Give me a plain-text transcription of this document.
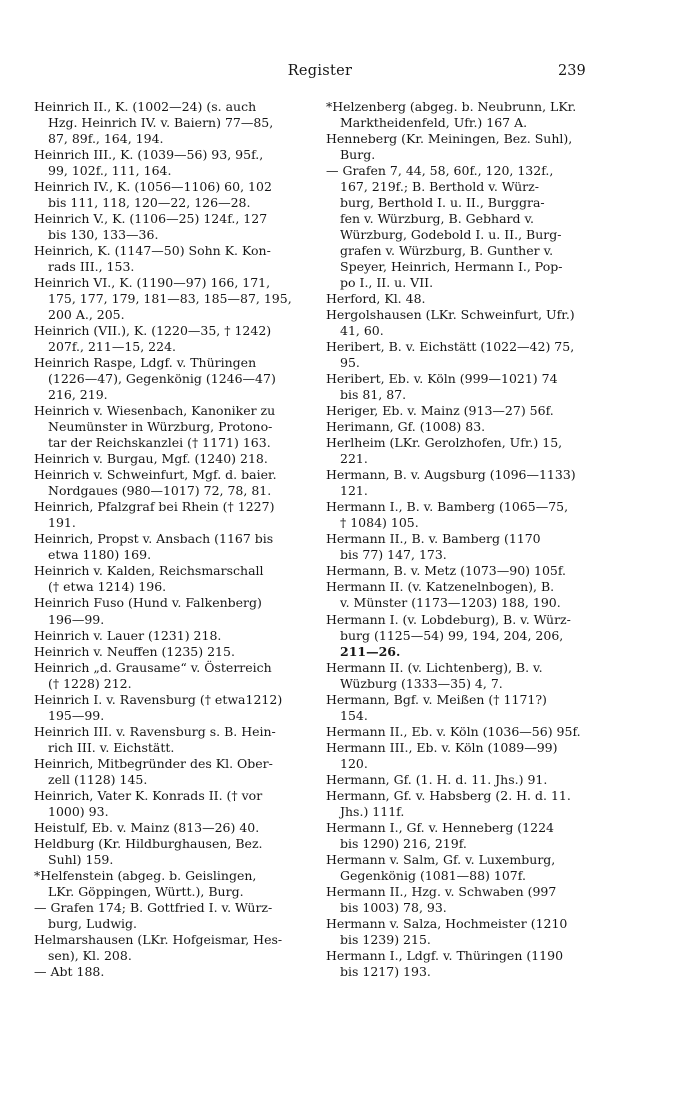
Register	239
Heinrich II., K. (1002—24) (s. auch
Hzg. Heinrich IV. v. Baiern) 77—85,
87, 89f., 164, 194.
Heinrich III., K. (1039—56) 93, 95f.,
99, 102f., 111, 164.
Heinrich IV., K. (1056—1106) 60, 102
bis 111, 118, 120—22, 126—28.
Heinrich V., K. (1106—25) 124f., 127
bis 130, 133—36.
Heinrich, K. (1147—50) Sohn K. Kon-
rads III., 153.
Heinrich VI., K. (1190—97) 166, 171,
175, 177, 179, 181—83, 185—87, 195,
200 A., 205.
Heinrich (VII.), K. (1220—35, † 1242)
207f., 211—15, 224.
Heinrich Raspe, Ldgf. v. Thüringen
(1226—47), Gegenkönig (1246—47)
216, 219.
Heinrich v. Wiesenbach, Kanoniker zu
Neumünster in Würzburg, Protono-
tar der Reichskanzlei († 1171) 163.
Heinrich v. Burgau, Mgf. (1240) 218.
Heinrich v. Schweinfurt, Mgf. d. baier.
Nordgaues (980—1017) 72, 78, 81.
Heinrich, Pfalzgraf bei Rhein († 1227)
191.
Heinrich, Propst v. Ansbach (1167 bis
etwa 1180) 169.
Heinrich v. Kalden, Reichsmarschall
(† etwa 1214) 196.
Heinrich Fuso (Hund v. Falkenberg)
196—99.
Heinrich v. Lauer (1231) 218.
Heinrich v. Neuffen (1235) 215.
Heinrich „d. Grausame“ v. Österreich
(† 1228) 212.
Heinrich I. v. Ravensburg († etwa1212)
195—99.
Heinrich III. v. Ravensburg s. B. Hein-
rich III. v. Eichstätt.
Heinrich, Mitbegründer des Kl. Ober-
zell (1128) 145.
Heinrich, Vater K. Konrads II. († vor
1000) 93.
Heistulf, Eb. v. Mainz (813—26) 40.
Heldburg (Kr. Hildburghausen, Bez.
Suhl) 159.
*Helfenstein (abgeg. b. Geislingen,
LKr. Göppingen, Württ.), Burg.
— Grafen 174; B. Gottfried I. v. Würz-
burg, Ludwig.
Helmarshausen (LKr. Hofgeismar, Hes-
sen), Kl. 208.
— Abt 188.
*Helzenberg (abgeg. b. Neubrunn, LKr.
Marktheidenfeld, Ufr.) 167 A.
Henneberg (Kr. Meiningen, Bez. Suhl),
Burg.
— Grafen 7, 44, 58, 60f., 120, 132f.,
167, 219f.; B. Berthold v. Würz-
burg, Berthold I. u. II., Burggra-
fen v. Würzburg, B. Gebhard v.
Würzburg, Godebold I. u. II., Burg-
grafen v. Würzburg, B. Gunther v.
Speyer, Heinrich, Hermann I., Pop-
po I., II. u. VII.
Herford, Kl. 48.
Hergolshausen (LKr. Schweinfurt, Ufr.)
41, 60.
Heribert, B. v. Eichstätt (1022—42) 75,
95.
Heribert, Eb. v. Köln (999—1021) 74
bis 81, 87.
Heriger, Eb. v. Mainz (913—27) 56f.
Herimann, Gf. (1008) 83.
Herlheim (LKr. Gerolzhofen, Ufr.) 15,
221.
Hermann, B. v. Augsburg (1096—1133)
121.
Hermann I., B. v. Bamberg (1065—75,
† 1084) 105.
Hermann II., B. v. Bamberg (1170
bis 77) 147, 173.
Hermann, B. v. Metz (1073—90) 105f.
Hermann II. (v. Katzenelnbogen), B.
v. Münster (1173—1203) 188, 190.
Hermann I. (v. Lobdeburg), B. v. Würz-
burg (1125—54) 99, 194, 204, 206,
211—26.
Hermann II. (v. Lichtenberg), B. v.
Wüzburg (1333—35) 4, 7.
Hermann, Bgf. v. Meißen († 1171?)
154.
Hermann II., Eb. v. Köln (1036—56) 95f.
Hermann III., Eb. v. Köln (1089—99)
120.
Hermann, Gf. (1. H. d. 11. Jhs.) 91.
Hermann, Gf. v. Habsberg (2. H. d. 11.
Jhs.) 111f.
Hermann I., Gf. v. Henneberg (1224
bis 1290) 216, 219f.
Hermann v. Salm, Gf. v. Luxemburg,
Gegenkönig (1081—88) 107f.
Hermann II., Hzg. v. Schwaben (997
bis 1003) 78, 93.
Hermann v. Salza, Hochmeister (1210
bis 1239) 215.
Hermann I., Ldgf. v. Thüringen (1190
bis 1217) 193.
